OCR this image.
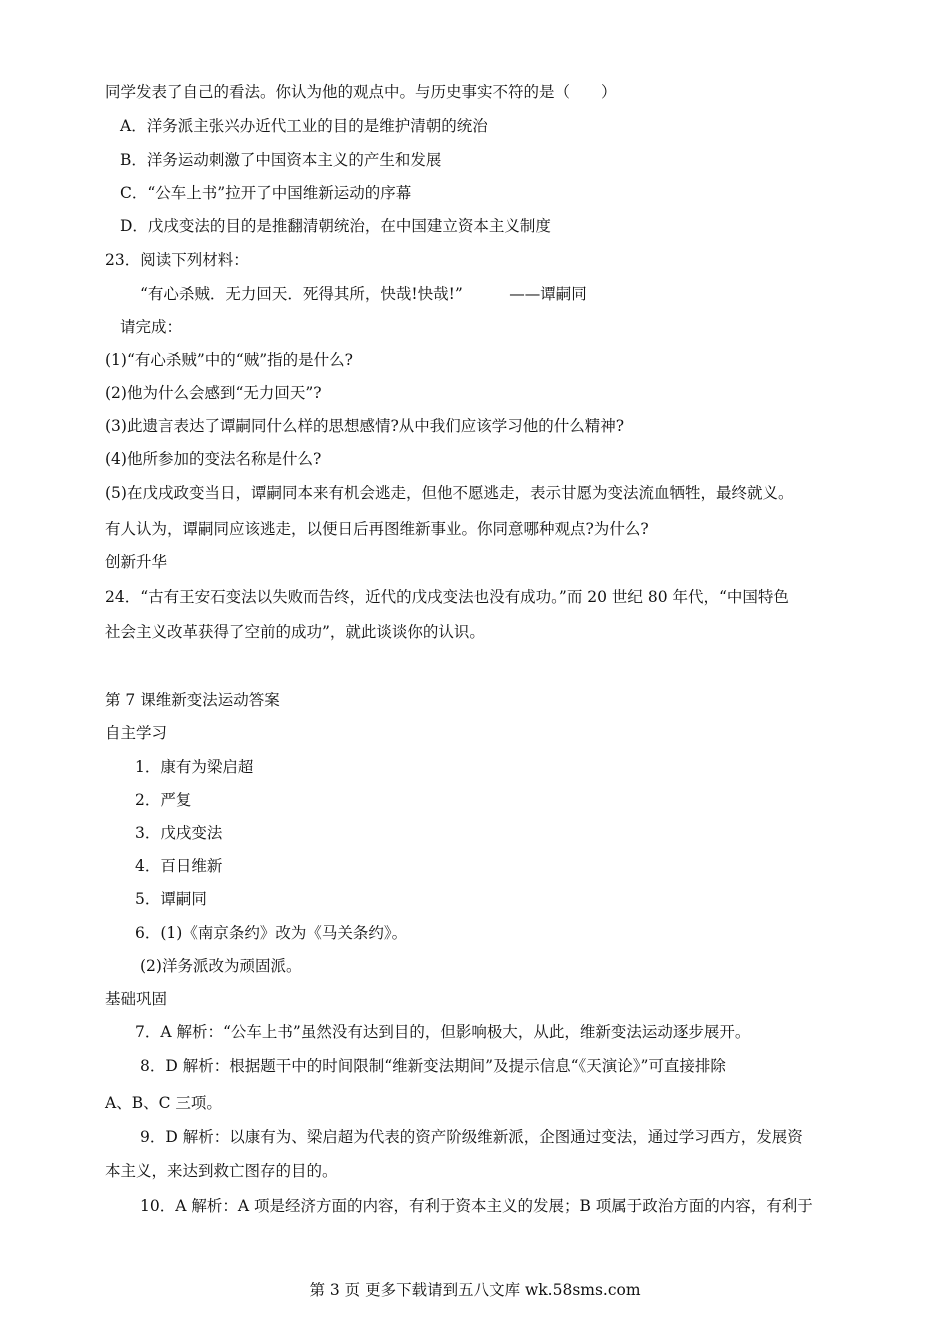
同学发表了自己的看法。你认为他的观点中。与历史事实不符的是（　　）
A．洋务派主张兴办近代工业的目的是维护清朝的统治
B．洋务运动刺激了中国资本主义的产生和发展
C．“公车上书”拉开了中国维新运动的序幕
D．戊戌变法的目的是推翻清朝统治，在中国建立资本主义制度
23．阅读下列材料：
“有心杀贼．无力回天．死得其所，快哉!快哉!”　　　——谭嗣同
请完成：
(1)“有心杀贼”中的“贼”指的是什么?
(2)他为什么会感到“无力回天”?
(3)此遗言表达了谭嗣同什么样的思想感情?从中我们应该学习他的什么精神?
(4)他所参加的变法名称是什么?
(5)在戊戌政变当日，谭嗣同本来有机会逃走，但他不愿逃走，表示甘愿为变法流血牺牲，最终就义。
有人认为，谭嗣同应该逃走，以便日后再图维新事业。你同意哪种观点?为什么?
创新升华
24．“古有王安石变法以失败而告终，近代的戊戌变法也没有成功。”而 20 世纪 80 年代，“中国特色
社会主义改革获得了空前的成功”，就此谈谈你的认识。
第 7 课维新变法运动答案
自主学习
1．康有为梁启超
2．严复
3．戊戌变法
4．百日维新
5．谭嗣同
6．(1)《南京条约》改为《马关条约》。
(2)洋务派改为顽固派。
基础巩固
7．A 解析：“公车上书”虽然没有达到目的，但影响极大，从此，维新变法运动逐步展开。
8．D 解析：根据题干中的时间限制“维新变法期间”及提示信息“《天演论》”可直接排除
A、B、C 三项。
9．D 解析：以康有为、梁启超为代表的资产阶级维新派，企图通过变法，通过学习西方，发展资
本主义，来达到救亡图存的目的。
10．A 解析：A 项是经济方面的内容，有利于资本主义的发展；B 项属于政治方面的内容，有利于
第 3 页 更多下载请到五八文库 wk.58sms.com
